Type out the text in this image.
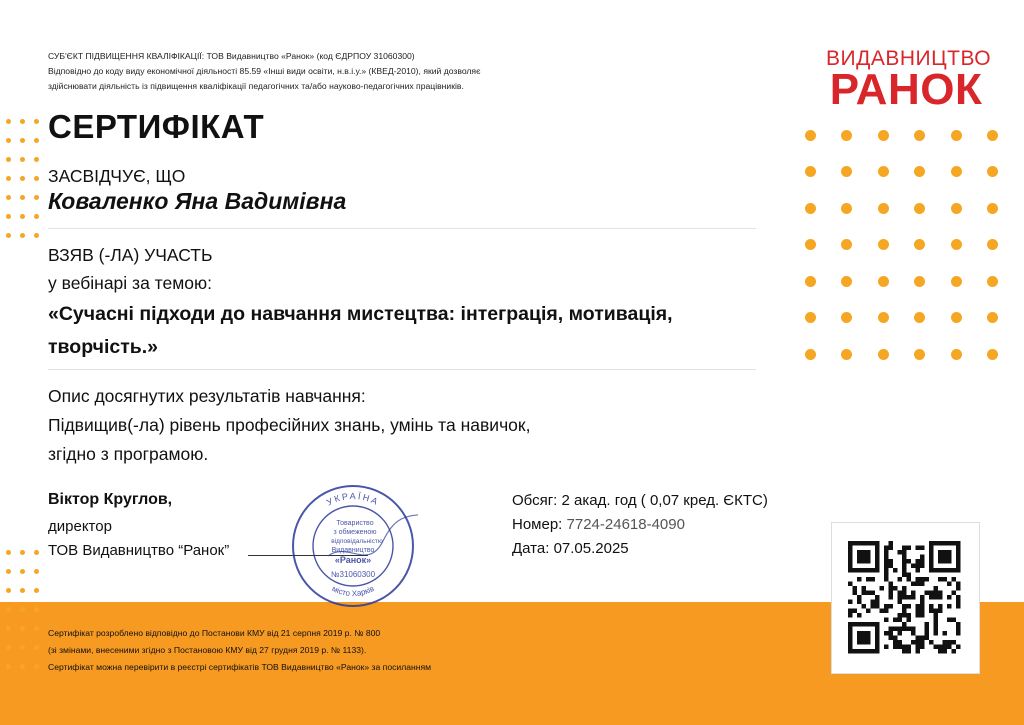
СУБ'ЄКТ ПІДВИЩЕННЯ КВАЛІФІКАЦІЇ: ТОВ Видавництво «Ранок» (код ЄДРПОУ 31060300)
Відповідно до коду виду економічної діяльності 85.59 «Інші види освіти, н.в.і.у.» (КВЕД-2010), який дозволяє
здійснювати діяльність із підвищення кваліфікації педагогічних та/або науково-педагогічних працівників.
ВИДАВНИЦТВО
РАНОК
СЕРТИФІКАТ
ЗАСВІДЧУЄ, ЩО
Коваленко Яна Вадимівна
ВЗЯВ (-ЛА) УЧАСТЬ
у вебінарі за темою:
«Сучасні підходи до навчання мистецтва: інтеграція, мотивація, творчість.»
Опис досягнутих результатів навчання:
Підвищив(-ла) рівень професійних знань, умінь та навичок,
згідно з програмою.
Віктор Круглов,
директор
ТОВ Видавництво “Ранок”
УКРАЇНА
місто Харків
Товариство
з обмеженою
відповідальністю
Видавництво
«Ранок»
№31060300
Обсяг: 2 акад. год ( 0,07 кред. ЄКТС)
Номер: 7724-24618-4090
Дата: 07.05.2025
Сертифікат розроблено відповідно до Постанови КМУ від 21 серпня 2019 р. № 800
(зі змінами, внесеними згідно з Постановою КМУ від 27 грудня 2019 р. № 1133).
Сертифікат можна перевірити в реєстрі сертифікатів ТОВ Видавництво «Ранок» за посиланням
